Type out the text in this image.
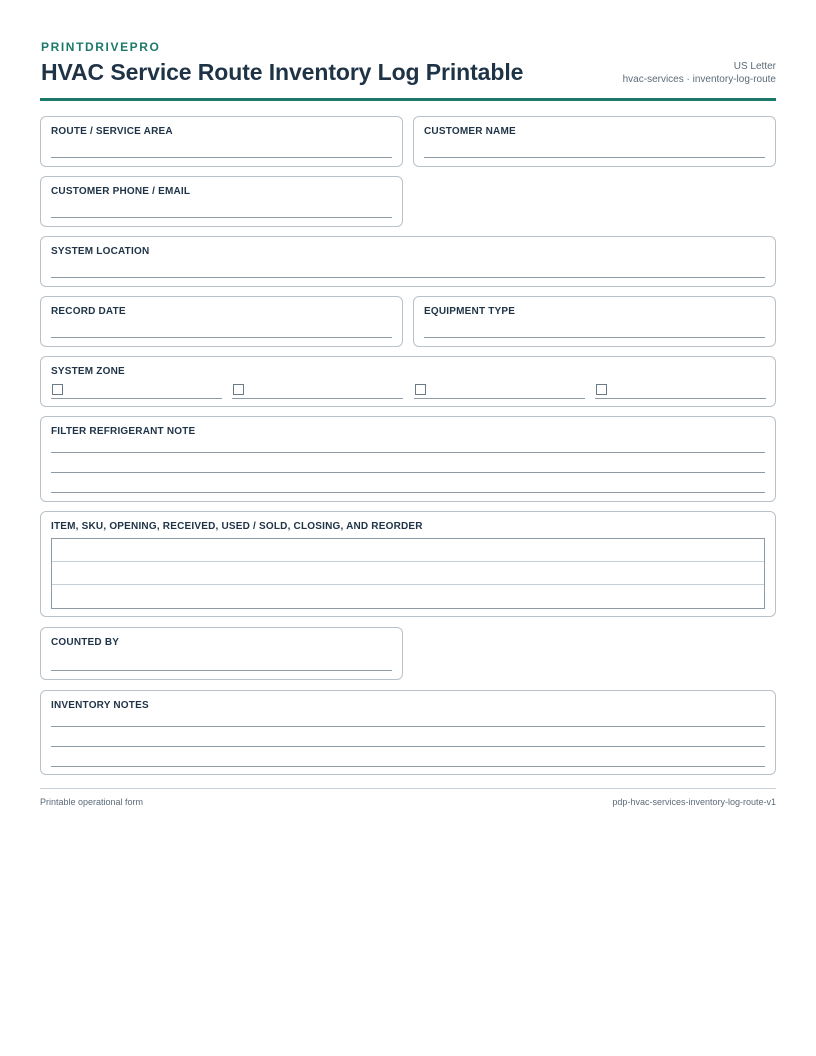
PRINTDRIVEPRO
HVAC Service Route Inventory Log Printable	US Letter
hvac-services · inventory-log-route
ROUTE / SERVICE AREA	CUSTOMER NAME
CUSTOMER PHONE / EMAIL
SYSTEM LOCATION
RECORD DATE	EQUIPMENT TYPE
SYSTEM ZONE
FILTER REFRIGERANT NOTE
ITEM, SKU, OPENING, RECEIVED, USED / SOLD, CLOSING, AND REORDER
COUNTED BY
INVENTORY NOTES
Printable operational form	pdp-hvac-services-inventory-log-route-v1
